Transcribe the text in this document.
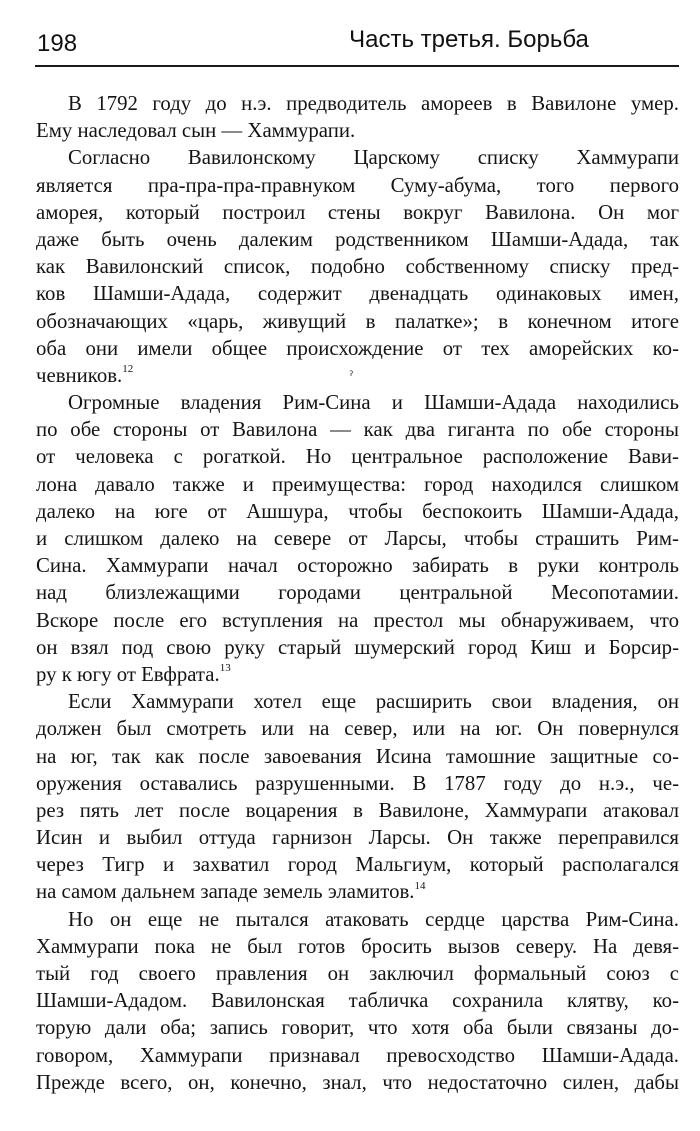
198	Часть третья. Борьба
ˀ
В 1792 году до н.э. предводитель амореев в Вавилоне умер.
Ему наследовал сын — Хаммурапи.
Согласно Вавилонскому Царскому списку Хаммурапи
является пра-пра-пра-правнуком Суму-абума, того первого
аморея, который построил стены вокруг Вавилона. Он мог
даже быть очень далеким родственником Шамши-Адада, так
как Вавилонский список, подобно собственному списку пред-
ков Шамши-Адада, содержит двенадцать одинаковых имен,
обозначающих «царь, живущий в палатке»; в конечном итоге
оба они имели общее происхождение от тех аморейских ко-
чевников.$^{12}$
Огромные владения Рим-Сина и Шамши-Адада находились
по обе стороны от Вавилона — как два гиганта по обе стороны
от человека с рогаткой. Но центральное расположение Вави-
лона давало также и преимущества: город находился слишком
далеко на юге от Ашшура, чтобы беспокоить Шамши-Адада,
и слишком далеко на севере от Ларсы, чтобы страшить Рим-
Сина. Хаммурапи начал осторожно забирать в руки контроль
над близлежащими городами центральной Месопотамии.
Вскоре после его вступления на престол мы обнаруживаем, что
он взял под свою руку старый шумерский город Киш и Борсир-
ру к югу от Евфрата.$^{13}$
Если Хаммурапи хотел еще расширить свои владения, он
должен был смотреть или на север, или на юг. Он повернулся
на юг, так как после завоевания Исина тамошние защитные со-
оружения оставались разрушенными. В 1787 году до н.э., че-
рез пять лет после воцарения в Вавилоне, Хаммурапи атаковал
Исин и выбил оттуда гарнизон Ларсы. Он также переправился
через Тигр и захватил город Мальгиум, который располагался
на самом дальнем западе земель эламитов.$^{14}$
Но он еще не пытался атаковать сердце царства Рим-Сина.
Хаммурапи пока не был готов бросить вызов северу. На девя-
тый год своего правления он заключил формальный союз с
Шамши-Ададом. Вавилонская табличка сохранила клятву, ко-
торую дали оба; запись говорит, что хотя оба были связаны до-
говором, Хаммурапи признавал превосходство Шамши-Адада.
Прежде всего, он, конечно, знал, что недостаточно силен, дабы
